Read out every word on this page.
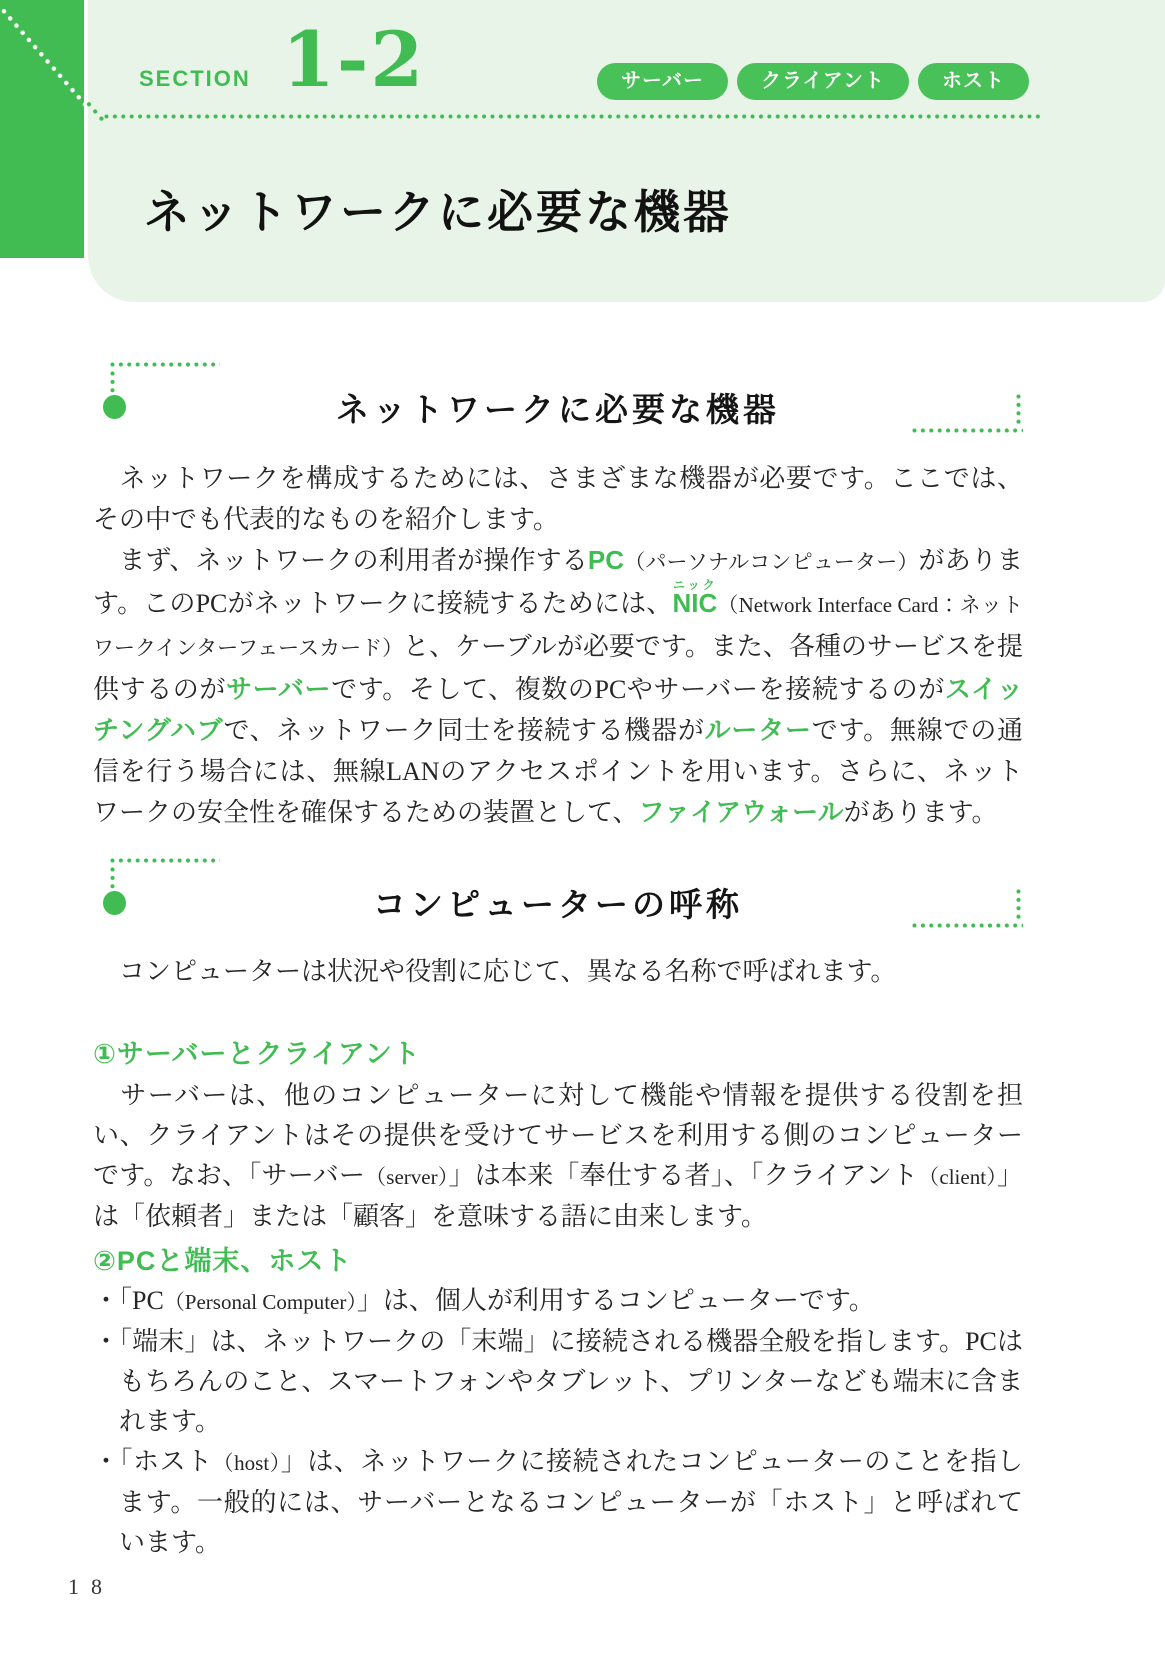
SECTION 1-2	サーバー	クライアント	ホスト
ネットワークに必要な機器
ネットワークに必要な機器

　ネットワークを構成するためには、さまざまな機器が必要です。ここでは、その中でも代表的なものを紹介します。

　まず、ネットワークの利用者が操作するPC（パーソナルコンピューター）があります。このPCがネットワークに接続するためには、NICニック（Network Interface Card：ネットワークインターフェースカード）と、ケーブルが必要です。また、各種のサービスを提供するのがサーバーです。そして、複数のPCやサーバーを接続するのがスイッチングハブで、ネットワーク同士を接続する機器がルーターです。無線での通信を行う場合には、無線LANのアクセスポイントを用います。さらに、ネットワークの安全性を確保するための装置として、ファイアウォールがあります。

コンピューターの呼称

　コンピューターは状況や役割に応じて、異なる名称で呼ばれます。

①サーバーとクライアント

　サーバーは、他のコンピューターに対して機能や情報を提供する役割を担い、クライアントはその提供を受けてサービスを利用する側のコンピューターです。なお、「サーバー（server）」は本来「奉仕する者」、「クライアント（client）」は「依頼者」または「顧客」を意味する語に由来します。

②PCと端末、ホスト

・「PC（Personal Computer）」は、個人が利用するコンピューターです。

・「端末」は、ネットワークの「末端」に接続される機器全般を指します。PCはもちろんのこと、スマートフォンやタブレット、プリンターなども端末に含まれます。

・「ホスト（host）」は、ネットワークに接続されたコンピューターのことを指します。一般的には、サーバーとなるコンピューターが「ホスト」と呼ばれています。

18
